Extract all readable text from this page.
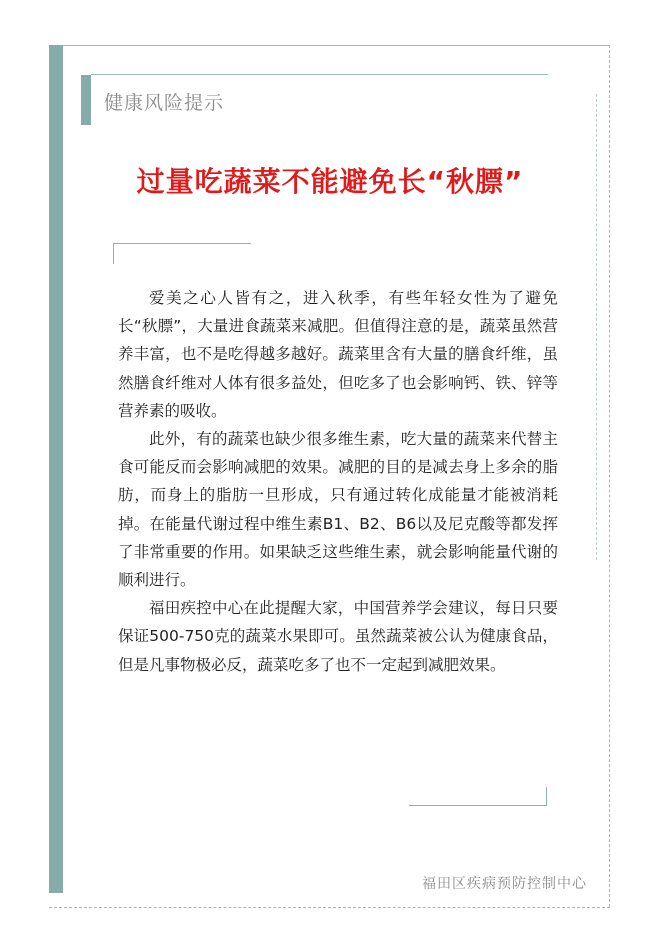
健康风险提示
过量吃蔬菜不能避免长“秋膘”

爱美之心人皆有之，进入秋季，有些年轻女性为了避免长“秋膘”，大量进食蔬菜来减肥。但值得注意的是，蔬菜虽然营养丰富，也不是吃得越多越好。蔬菜里含有大量的膳食纤维，虽然膳食纤维对人体有很多益处，但吃多了也会影响钙、铁、锌等营养素的吸收。

此外，有的蔬菜也缺少很多维生素，吃大量的蔬菜来代替主食可能反而会影响减肥的效果。减肥的目的是减去身上多余的脂肪，而身上的脂肪一旦形成，只有通过转化成能量才能被消耗掉。在能量代谢过程中维生素B1、B2、B6以及尼克酸等都发挥了非常重要的作用。如果缺乏这些维生素，就会影响能量代谢的顺利进行。

福田疾控中心在此提醒大家，中国营养学会建议，每日只要保证500-750克的蔬菜水果即可。虽然蔬菜被公认为健康食品，但是凡事物极必反，蔬菜吃多了也不一定起到减肥效果。

福田区疾病预防控制中心
